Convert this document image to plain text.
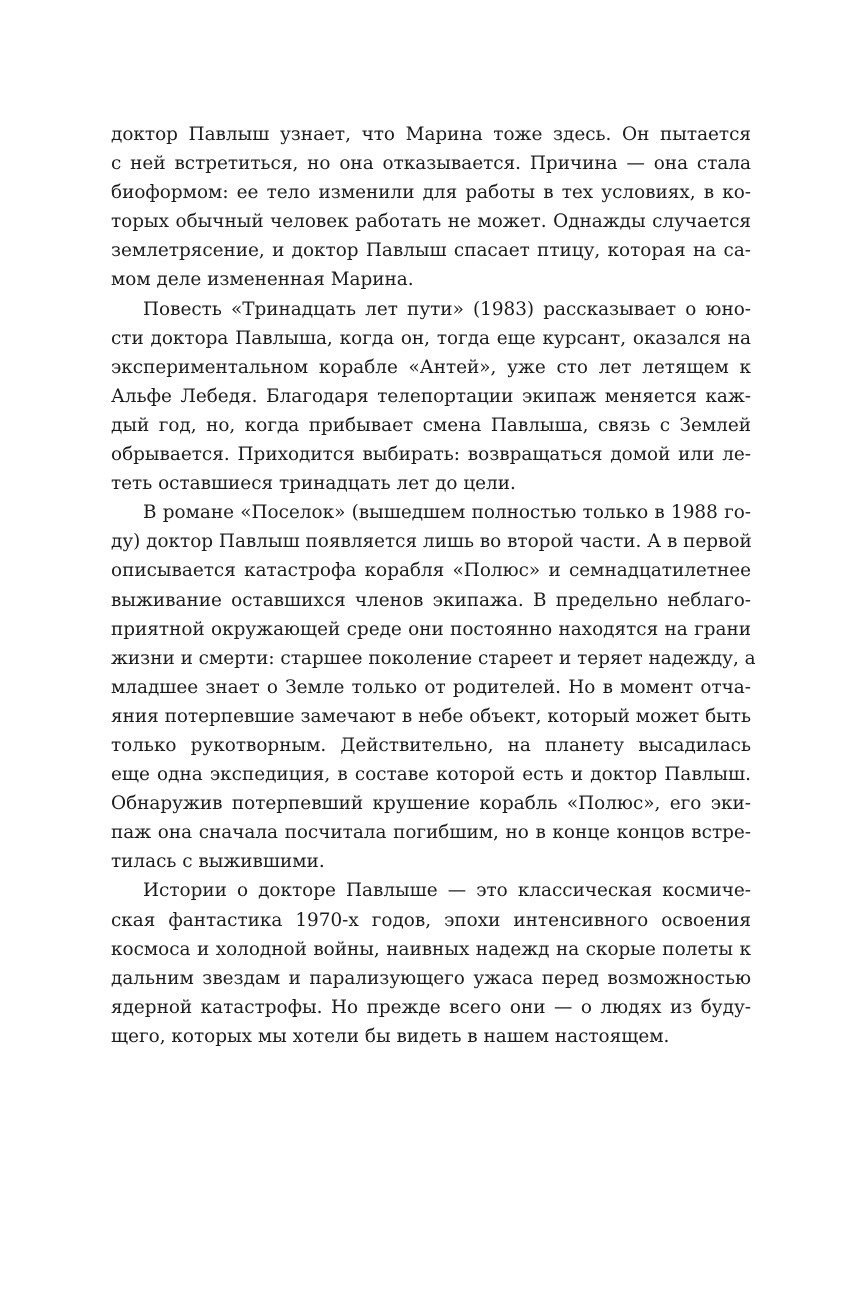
доктор Павлыш узнает, что Марина тоже здесь. Он пытается
с ней встретиться, но она отказывается. Причина — она стала
биоформом: ее тело изменили для работы в тех условиях, в ко-
торых обычный человек работать не может. Однажды случается
землетрясение, и доктор Павлыш спасает птицу, которая на са-
мом деле измененная Марина.
Повесть «Тринадцать лет пути» (1983) рассказывает о юно-
сти доктора Павлыша, когда он, тогда еще курсант, оказался на
экспериментальном корабле «Антей», уже сто лет летящем к
Альфе Лебедя. Благодаря телепортации экипаж меняется каж-
дый год, но, когда прибывает смена Павлыша, связь с Землей
обрывается. Приходится выбирать: возвращаться домой или ле-
теть оставшиеся тринадцать лет до цели.
В романе «Поселок» (вышедшем полностью только в 1988 го-
ду) доктор Павлыш появляется лишь во второй части. А в первой
описывается катастрофа корабля «Полюс» и семнадцатилетнее
выживание оставшихся членов экипажа. В предельно неблаго-
приятной окружающей среде они постоянно находятся на грани
жизни и смерти: старшее поколение стареет и теряет надежду, а
младшее знает о Земле только от родителей. Но в момент отча-
яния потерпевшие замечают в небе объект, который может быть
только рукотворным. Действительно, на планету высадилась
еще одна экспедиция, в составе которой есть и доктор Павлыш.
Обнаружив потерпевший крушение корабль «Полюс», его эки-
паж она сначала посчитала погибшим, но в конце концов встре-
тилась с выжившими.
Истории о докторе Павлыше — это классическая космиче-
ская фантастика 1970-х годов, эпохи интенсивного освоения
космоса и холодной войны, наивных надежд на скорые полеты к
дальним звездам и парализующего ужаса перед возможностью
ядерной катастрофы. Но прежде всего они — о людях из буду-
щего, которых мы хотели бы видеть в нашем настоящем.
